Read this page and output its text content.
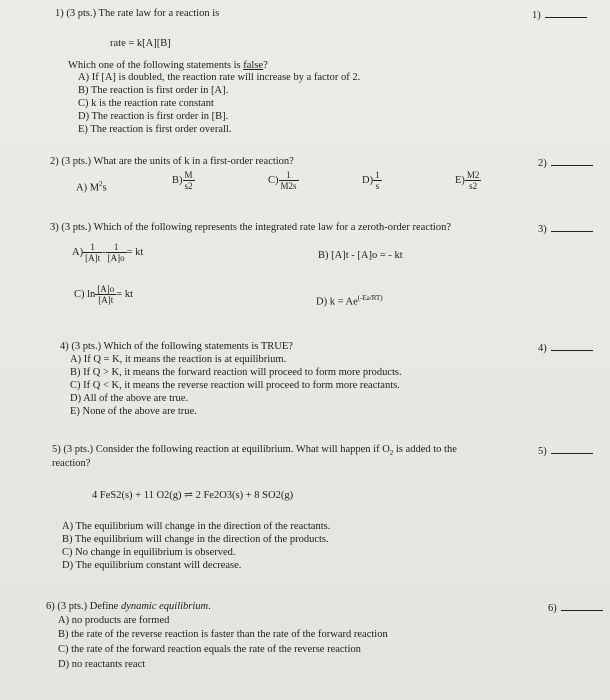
1) (3 pts.) The rate law for a reaction is	1)
rate = k[A][B]
Which one of the following statements is false?
A) If [A] is doubled, the reaction rate will increase by a factor of 2.
B) The reaction is first order in [A].
C) k is the reaction rate constant
D) The reaction is first order in [B].
E) The reaction is first order overall.
2) (3 pts.) What are the units of k in a first-order reaction?	2)
A) $M^2s$
$B) \frac{M}{s2}$	$C) \frac{1}{M2s}$	$D) \frac{1}{s}$	$E) \frac{M2}{s2}$
3) (3 pts.) Which of the following represents the integrated rate law for a zeroth-order reaction?	3)
$A) \frac{1}{[A]t} - \frac{1}{[A]o}$ = kt	B) [A]t - [A]o = - kt
C) $\ln \frac{[A]o}{[A]t}$ = kt
D) $k = Ae^{(-Ea/RT)}$
4) (3 pts.) Which of the following statements is TRUE?	4)
A) If Q = K, it means the reaction is at equilibrium.
B) If Q > K, it means the forward reaction will proceed to form more products.
C) If Q < K, it means the reverse reaction will proceed to form more reactants.
D) All of the above are true.
E) None of the above are true.
5) (3 pts.) Consider the following reaction at equilibrium. What will happen if $O_2$ is added to the
reaction?
5)
4 FeS2(s) + 11 O2(g) ⇌ 2 Fe2O3(s) + 8 SO2(g)
A) The equilibrium will change in the direction of the reactants.
B) The equilibrium will change in the direction of the products.
C) No change in equilibrium is observed.
D) The equilibrium constant will decrease.
6) (3 pts.) Define dynamic equilibrium.	6)
A) no products are formed
B) the rate of the reverse reaction is faster than the rate of the forward reaction
C) the rate of the forward reaction equals the rate of the reverse reaction
D) no reactants react
